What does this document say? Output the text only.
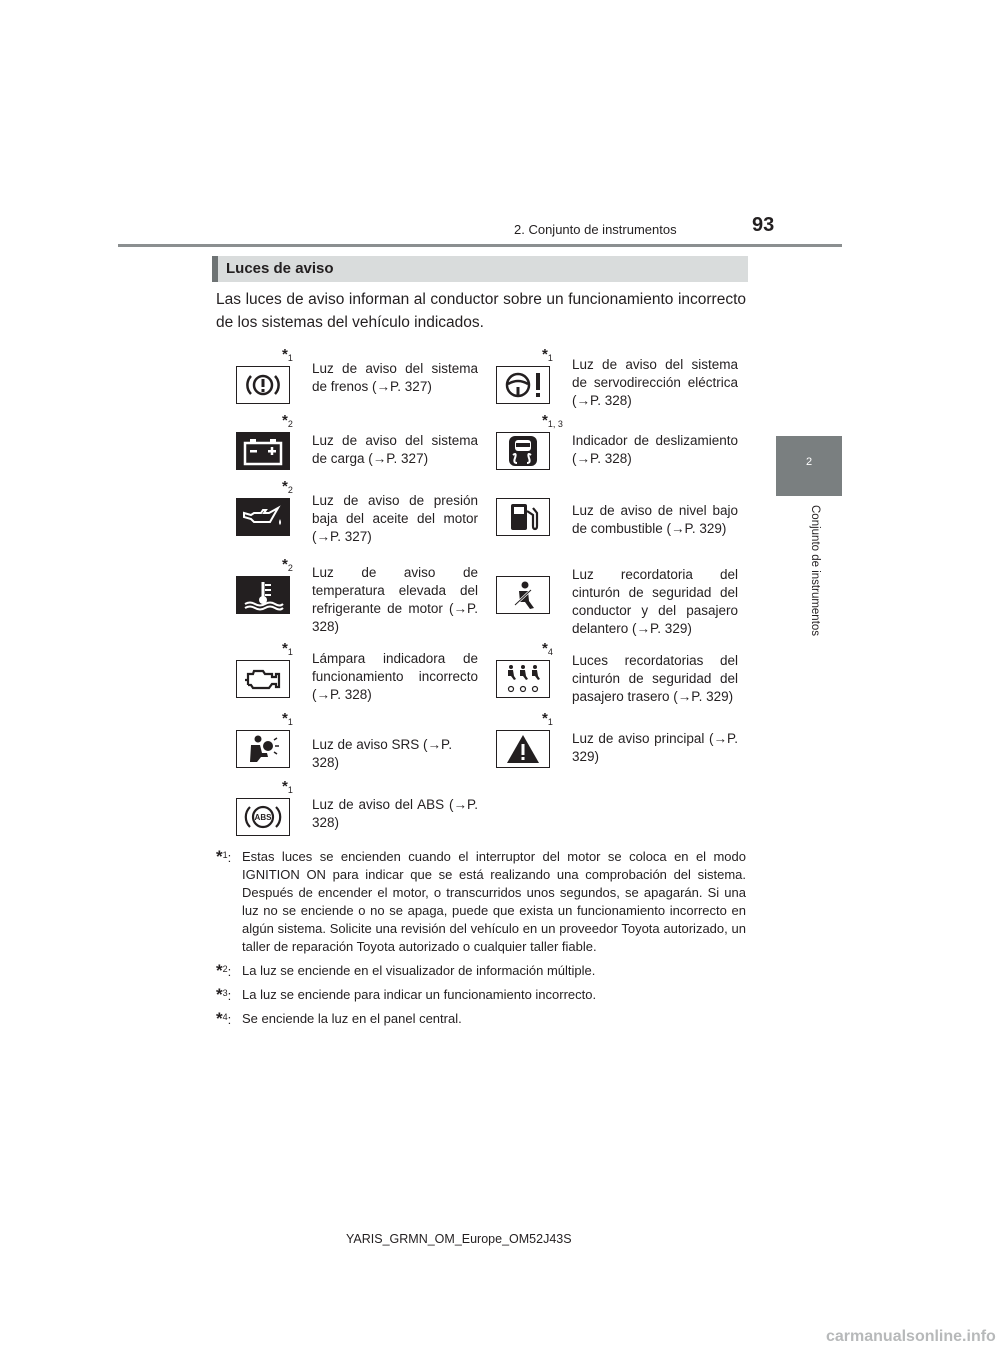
2. Conjunto de instrumentos	93
2
Conjunto de instrumentos
Luces de aviso
Las luces de aviso informan al conductor sobre un funcionamiento incorrecto de los sistemas del vehículo indicados.
$*_1$
Luz de aviso del sistema de frenos (→P. 327)
$*_1$ Luz de aviso del sistema de servodirección eléctrica (→P. 328)
$*_2$
Luz de aviso del sistema de carga (→P. 327)
$*_{1, 3}$
Indicador de deslizamiento (→P. 328)
$*_2$
Luz de aviso de presión baja del aceite del motor (→P. 327)
Luz de aviso de nivel bajo de combustible (→P. 329)
$*_2$ Luz de aviso de temperatura elevada del refrigerante de motor (→P. 328)
Luz recordatoria del cinturón de seguridad del conductor y del pasajero delantero (→P. 329)
$*_1$ Lámpara indicadora de funcionamiento incorrecto (→P. 328)
$*_4$
Luces recordatorias del cinturón de seguridad del pasajero trasero (→P. 329)
$*_1$
Luz de aviso SRS (→P. 328)
$*_1$
Luz de aviso principal (→P. 329)
ABS
$*_1$
Luz de aviso del ABS (→P. 328)
$*_1$: Estas luces se encienden cuando el interruptor del motor se coloca en el modo IGNITION ON para indicar que se está realizando una comprobación del sistema. Después de encender el motor, o transcurridos unos segundos, se apagarán. Si una luz no se enciende o no se apaga, puede que exista un funcionamiento incorrecto en algún sistema. Solicite una revisión del vehículo en un proveedor Toyota autorizado, un taller de reparación Toyota autorizado o cualquier taller fiable.
$*_2$: La luz se enciende en el visualizador de información múltiple.
$*_3$: La luz se enciende para indicar un funcionamiento incorrecto.
$*_4$: Se enciende la luz en el panel central.
YARIS_GRMN_OM_Europe_OM52J43S
carmanualsonline.info
